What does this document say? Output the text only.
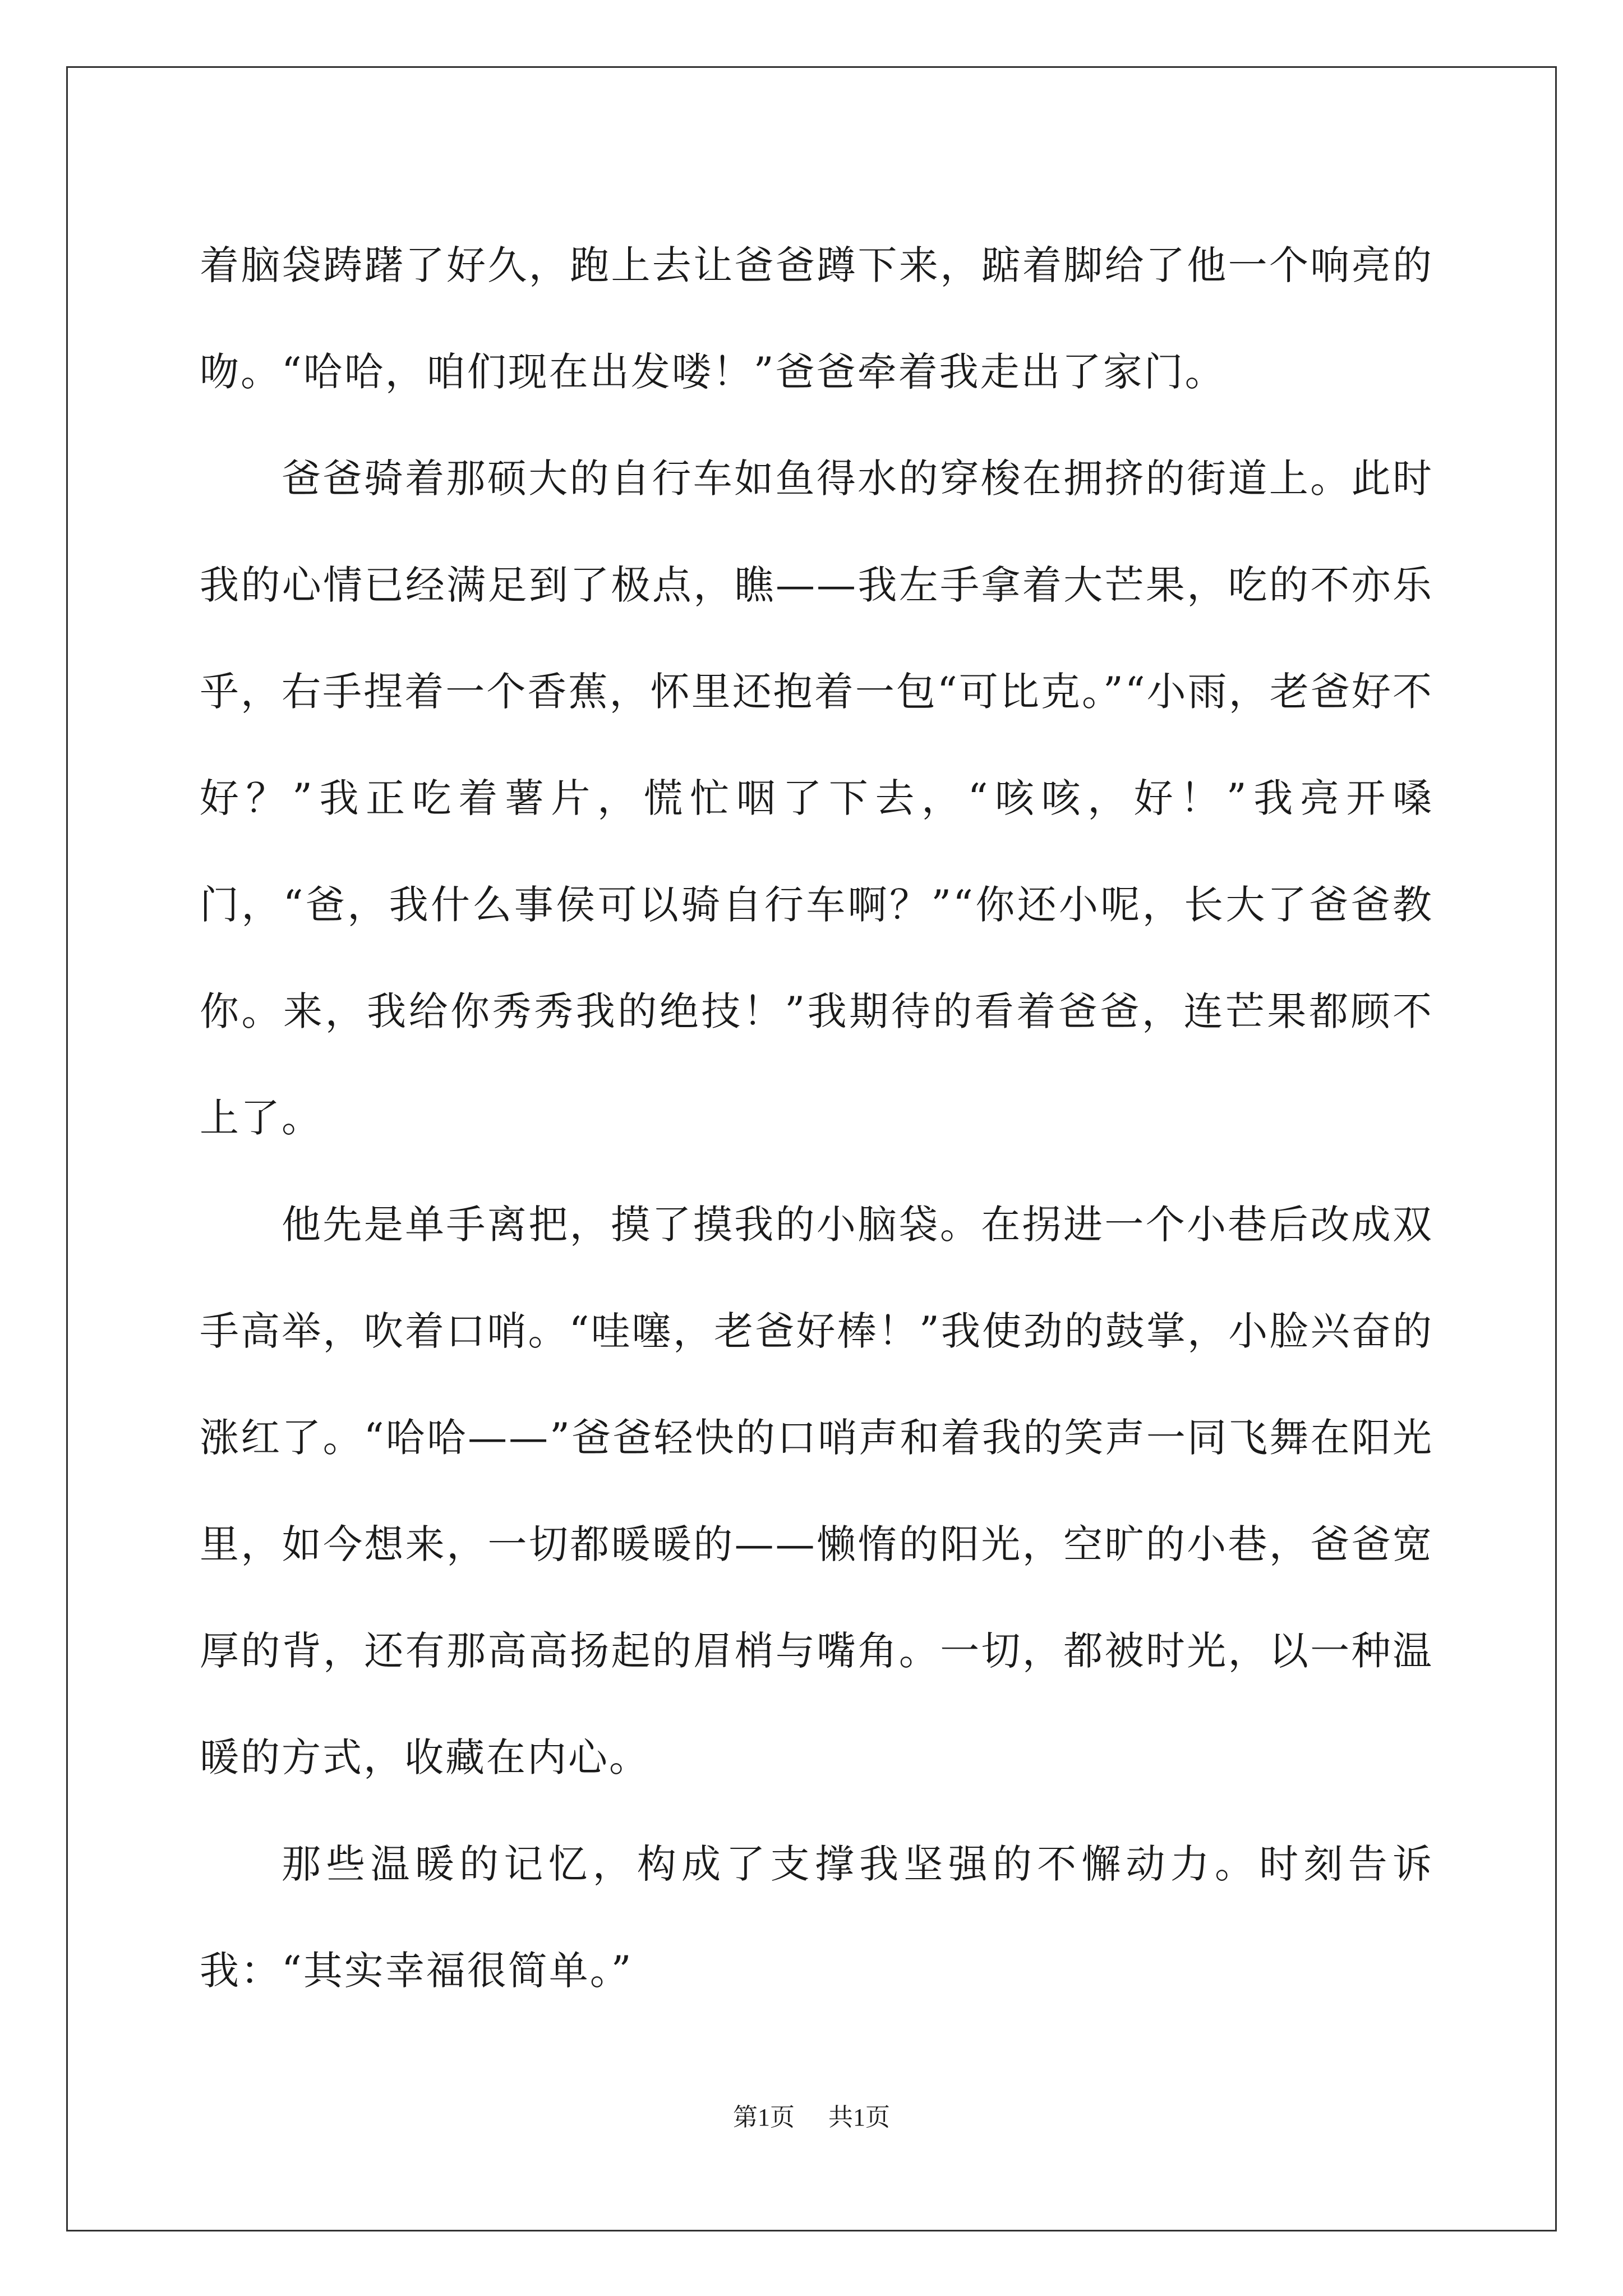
着脑袋踌躇了好久，跑上去让爸爸蹲下来，踮着脚给了他一个响亮的吻。“哈哈，咱们现在出发喽！”爸爸牵着我走出了家门。

爸爸骑着那硕大的自行车如鱼得水的穿梭在拥挤的街道上。此时我的心情已经满足到了极点，瞧——我左手拿着大芒果，吃的不亦乐乎，右手捏着一个香蕉，怀里还抱着一包“可比克。”“小雨，老爸好不好？”我正吃着薯片，慌忙咽了下去，“咳咳，好！”我亮开嗓门，“爸，我什么事侯可以骑自行车啊？”“你还小呢，长大了爸爸教你。来，我给你秀秀我的绝技！”我期待的看着爸爸，连芒果都顾不上了。

他先是单手离把，摸了摸我的小脑袋。在拐进一个小巷后改成双手高举，吹着口哨。“哇噻，老爸好棒！”我使劲的鼓掌，小脸兴奋的涨红了。“哈哈——”爸爸轻快的口哨声和着我的笑声一同飞舞在阳光里，如今想来，一切都暖暖的——懒惰的阳光，空旷的小巷，爸爸宽厚的背，还有那高高扬起的眉梢与嘴角。一切，都被时光，以一种温暖的方式，收藏在内心。

那些温暖的记忆，构成了支撑我坚强的不懈动力。时刻告诉我：“其实幸福很简单。”

第1页 共1页
